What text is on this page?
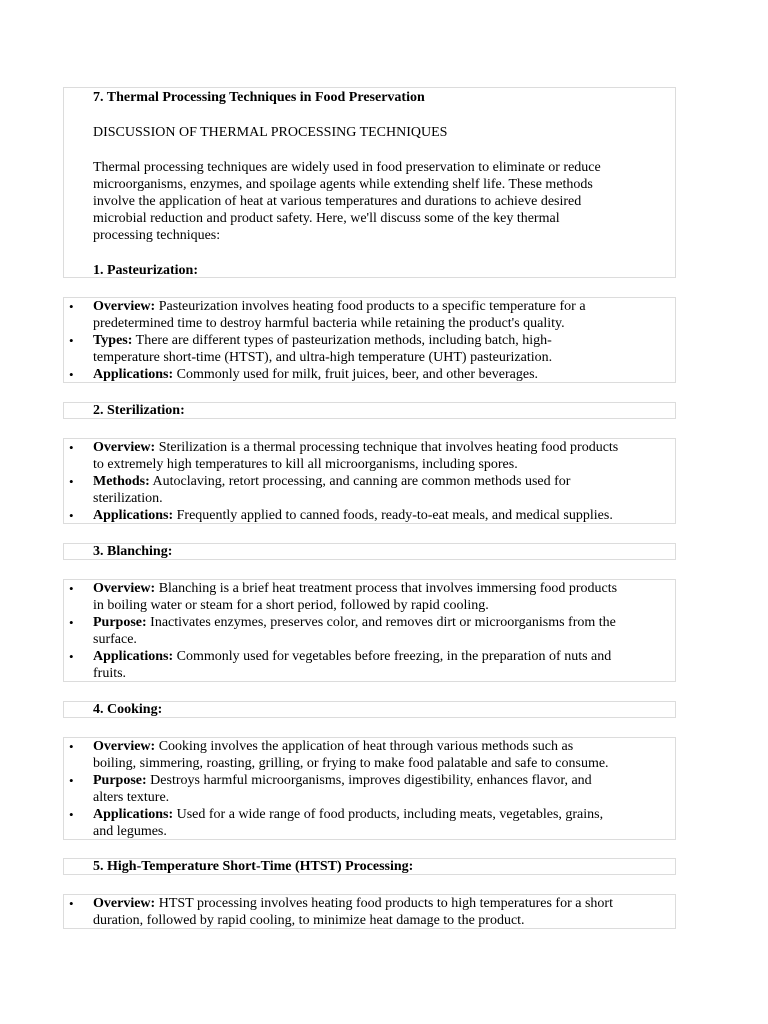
7. Thermal Processing Techniques in Food Preservation
DISCUSSION OF THERMAL PROCESSING TECHNIQUES

Thermal processing techniques are widely used in food preservation to eliminate or reduce

microorganisms, enzymes, and spoilage agents while extending shelf life. These methods

involve the application of heat at various temperatures and durations to achieve desired

microbial reduction and product safety. Here, we'll discuss some of the key thermal

processing techniques:

1. Pasteurization:
• Overview: Pasteurization involves heating food products to a specific temperature for a
predetermined time to destroy harmful bacteria while retaining the product's quality.
• Types: There are different types of pasteurization methods, including batch, high-
temperature short-time (HTST), and ultra-high temperature (UHT) pasteurization.
• Applications: Commonly used for milk, fruit juices, beer, and other beverages.
2. Sterilization:
• Overview: Sterilization is a thermal processing technique that involves heating food products
to extremely high temperatures to kill all microorganisms, including spores.
• Methods: Autoclaving, retort processing, and canning are common methods used for
sterilization.
• Applications: Frequently applied to canned foods, ready-to-eat meals, and medical supplies.
3. Blanching:
• Overview: Blanching is a brief heat treatment process that involves immersing food products
in boiling water or steam for a short period, followed by rapid cooling.
• Purpose: Inactivates enzymes, preserves color, and removes dirt or microorganisms from the
surface.
• Applications: Commonly used for vegetables before freezing, in the preparation of nuts and
fruits.
4. Cooking:
• Overview: Cooking involves the application of heat through various methods such as
boiling, simmering, roasting, grilling, or frying to make food palatable and safe to consume.
• Purpose: Destroys harmful microorganisms, improves digestibility, enhances flavor, and
alters texture.
• Applications: Used for a wide range of food products, including meats, vegetables, grains,
and legumes.
5. High-Temperature Short-Time (HTST) Processing:
• Overview: HTST processing involves heating food products to high temperatures for a short
duration, followed by rapid cooling, to minimize heat damage to the product.
